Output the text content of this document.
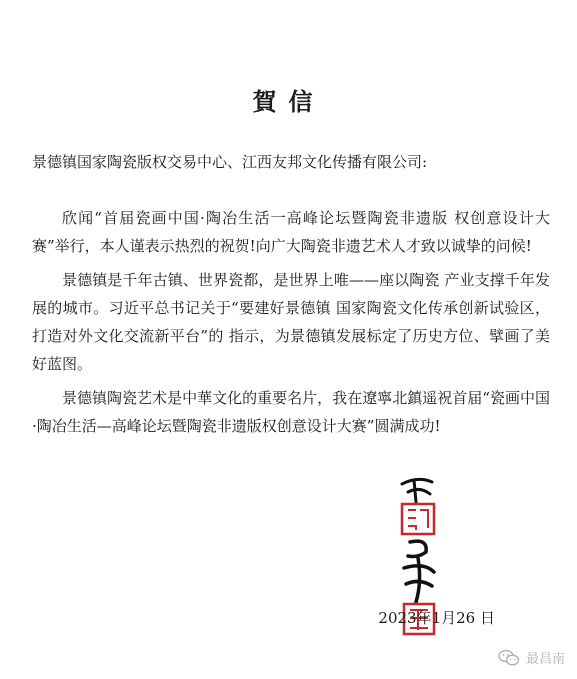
賀信

景德镇国家陶瓷版权交易中心、江西友邦文化传播有限公司:

欣闻“首届瓷画中国·陶冶生活一高峰论坛暨陶瓷非遗版 权创意设计大赛”举行，本人谨表示热烈的祝贺!向广大陶瓷非遗艺术人才致以诚挚的问候!

景德镇是千年古镇、世界瓷都，是世界上唯——座以陶瓷 产业支撑千年发展的城市。习近平总书记关于“要建好景德镇 国家陶瓷文化传承创新试验区，打造对外文化交流新平台”的 指示，为景德镇发展标定了历史方位、擘画了美好蓝图。

景德镇陶瓷艺术是中華文化的重要名片，我在遼寧北鎮遥祝首届“瓷画中国·陶冶生活—高峰论坛暨陶瓷非遗版权创意设计大赛”圆满成功!

2023年1月26 日

最昌南
